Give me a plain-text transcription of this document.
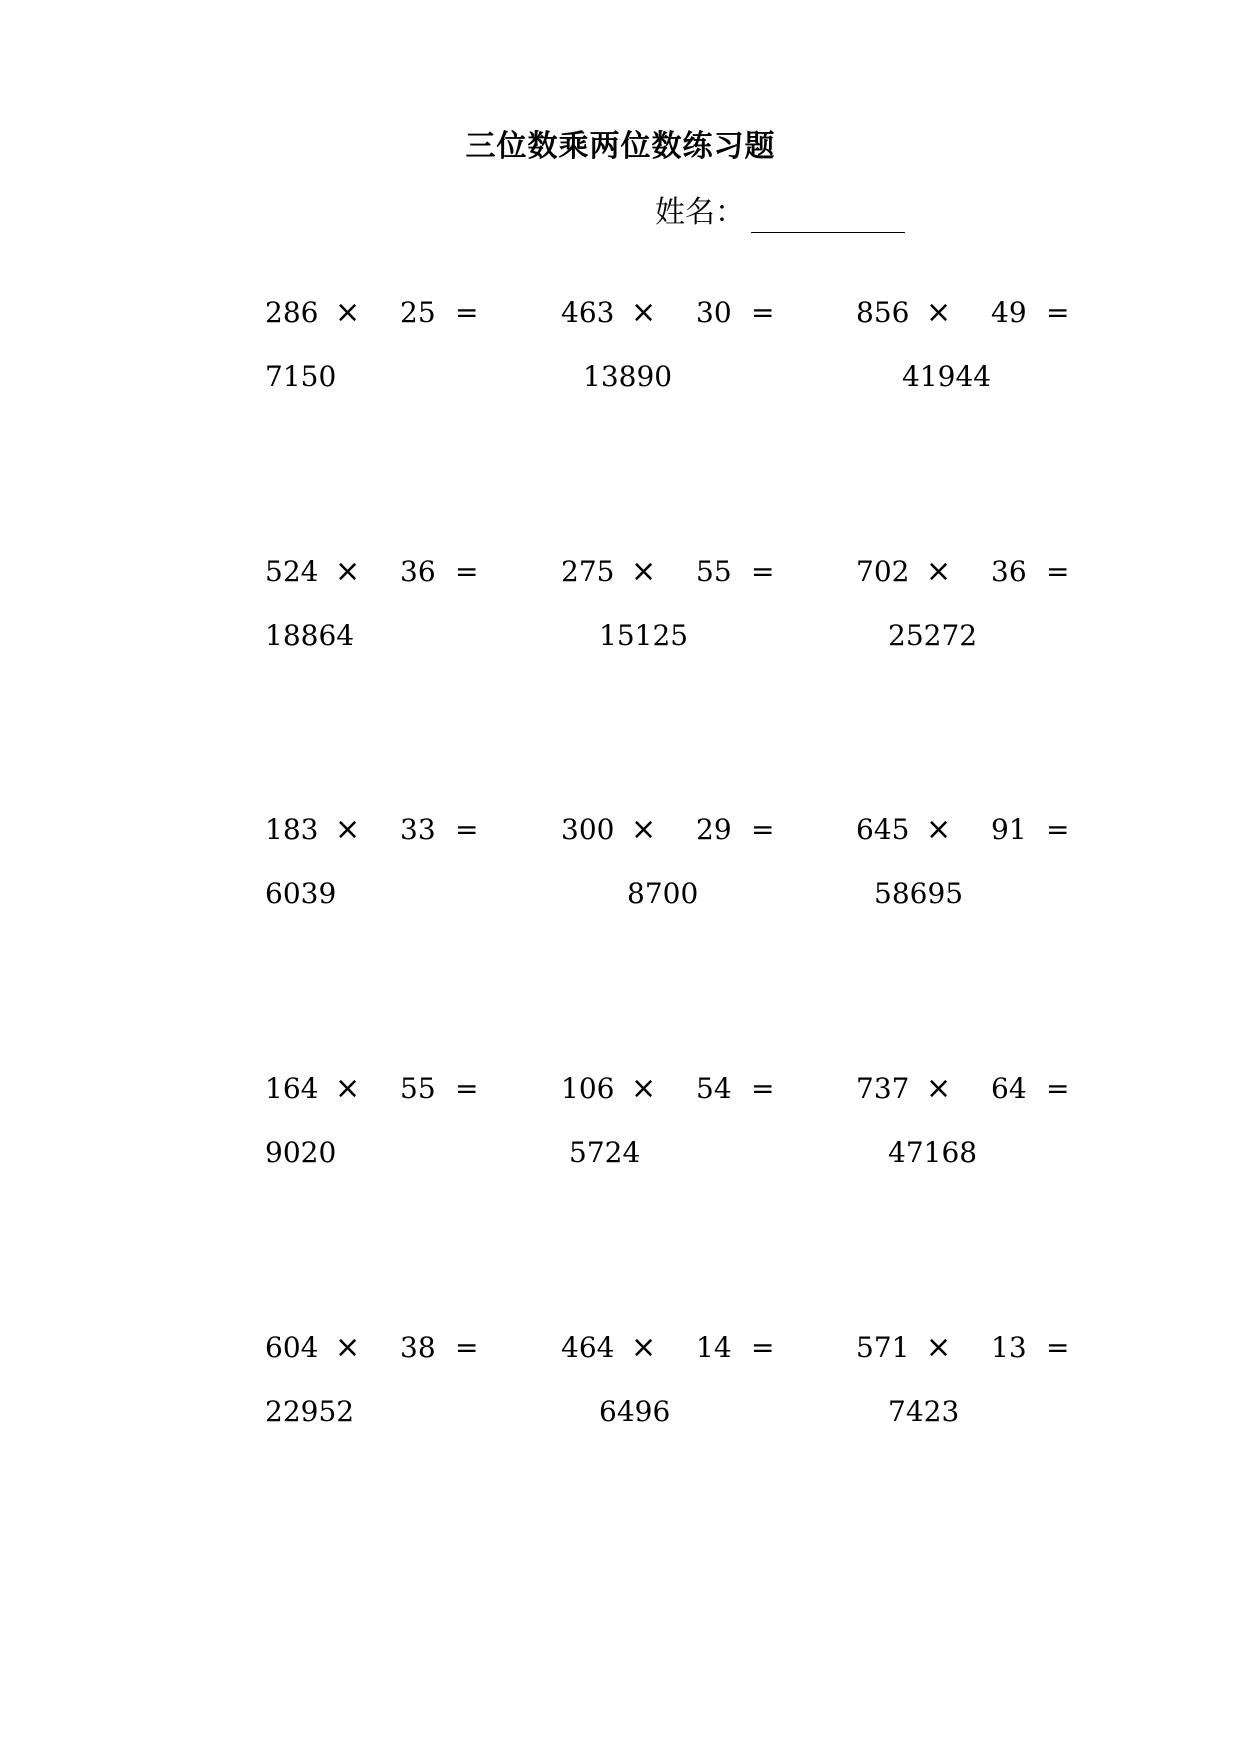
三位数乘两位数练习题
姓名：
286 × 25 =
7150
463 × 30 =
13890
856 × 49 =
41944
524 × 36 =
18864
275 × 55 =
15125
702 × 36 =
25272
183 × 33 =
6039
300 × 29 =
8700
645 × 91 =
58695
164 × 55 =
9020
106 × 54 =
5724
737 × 64 =
47168
604 × 38 =
22952
464 × 14 =
6496
571 × 13 =
7423
